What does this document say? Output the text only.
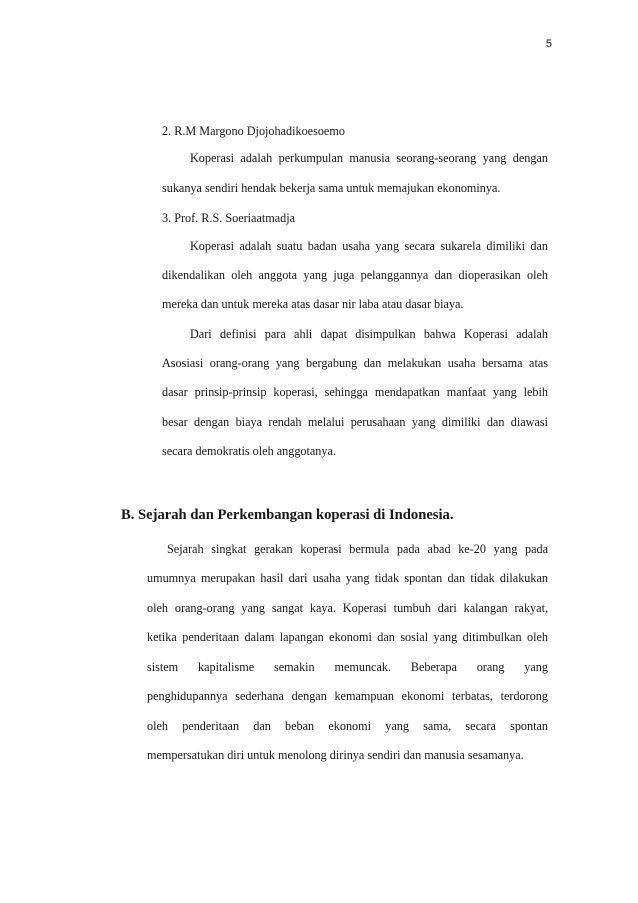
5
2. R.M Margono Djojohadikoesoemo
Koperasi adalah perkumpulan manusia seorang-seorang yang dengan
sukanya sendiri hendak bekerja sama untuk memajukan ekonominya.
3. Prof. R.S. Soeriaatmadja
Koperasi adalah suatu badan usaha yang secara sukarela dimiliki dan
dikendalikan oleh anggota yang juga pelanggannya dan dioperasikan oleh
mereka dan untuk mereka atas dasar nir laba atau dasar biaya.
Dari definisi para ahli dapat disimpulkan bahwa Koperasi adalah
Asosiasi orang-orang yang bergabung dan melakukan usaha bersama atas
dasar prinsip-prinsip koperasi, sehingga mendapatkan manfaat yang lebih
besar dengan biaya rendah melalui perusahaan yang dimiliki dan diawasi
secara demokratis oleh anggotanya.
B. Sejarah dan Perkembangan koperasi di Indonesia.
Sejarah singkat gerakan koperasi bermula pada abad ke-20 yang pada
umumnya merupakan hasil dari usaha yang tidak spontan dan tidak dilakukan
oleh orang-orang yang sangat kaya. Koperasi tumbuh dari kalangan rakyat,
ketika penderitaan dalam lapangan ekonomi dan sosial yang ditimbulkan oleh
sistem kapitalisme semakin memuncak. Beberapa orang yang
penghidupannya sederhana dengan kemampuan ekonomi terbatas, terdorong
oleh penderitaan dan beban ekonomi yang sama, secara spontan
mempersatukan diri untuk menolong dirinya sendiri dan manusia sesamanya.
